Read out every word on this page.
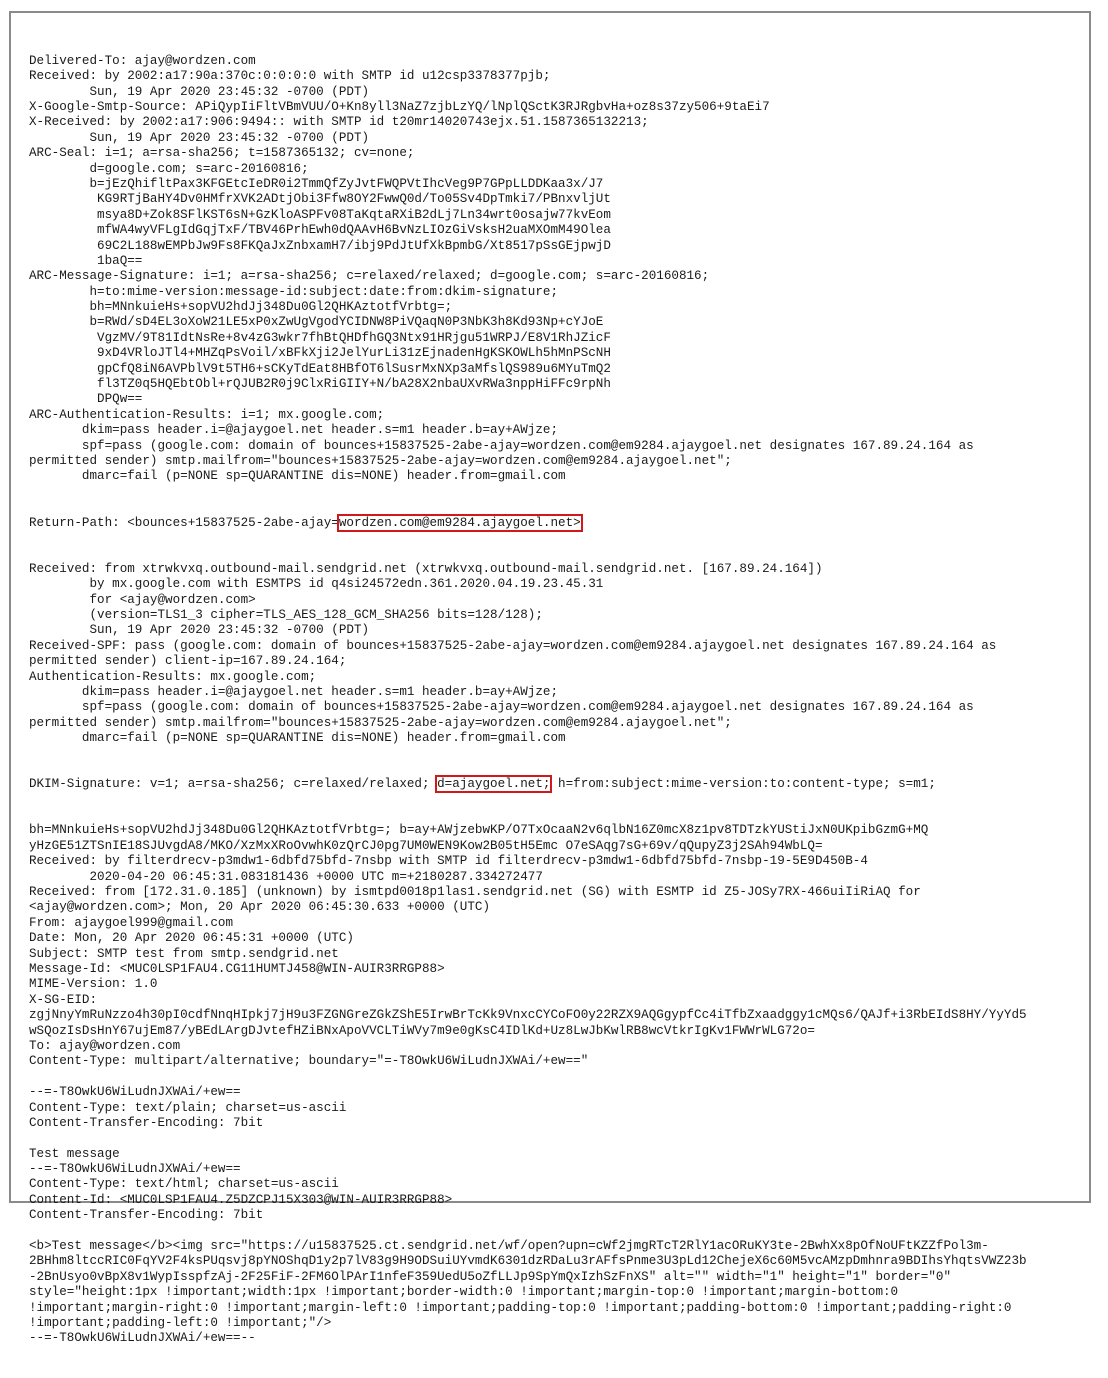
Delivered-To: ajay@wordzen.com
Received: by 2002:a17:90a:370c:0:0:0:0 with SMTP id u12csp3378377pjb;
Sun, 19 Apr 2020 23:45:32 -0700 (PDT)
X-Google-Smtp-Source: APiQypIiFltVBmVUU/O+Kn8yll3NaZ7zjbLzYQ/lNplQSctK3RJRgbvHa+oz8s37zy506+9taEi7
X-Received: by 2002:a17:906:9494:: with SMTP id t20mr14020743ejx.51.1587365132213;
Sun, 19 Apr 2020 23:45:32 -0700 (PDT)
ARC-Seal: i=1; a=rsa-sha256; t=1587365132; cv=none;
d=google.com; s=arc-20160816;
b=jEzQhifltPax3KFGEtcIeDR0i2TmmQfZyJvtFWQPVtIhcVeg9P7GPpLLDDKaa3x/J7
KG9RTjBaHY4Dv0HMfrXVK2ADtjObi3Ffw8OY2FwwQ0d/To05Sv4DpTmki7/PBnxvljUt
msya8D+Zok8SFlKST6sN+GzKloASPFv08TaKqtaRXiB2dLj7Ln34wrt0osajw77kvEom
mfWA4wyVFLgIdGqjTxF/TBV46PrhEwh0dQAAvH6BvNzLIOzGiVsksH2uaMXOmM49Olea
69C2L188wEMPbJw9Fs8FKQaJxZnbxamH7/ibj9PdJtUfXkBpmbG/Xt8517pSsGEjpwjD
1baQ==
ARC-Message-Signature: i=1; a=rsa-sha256; c=relaxed/relaxed; d=google.com; s=arc-20160816;
h=to:mime-version:message-id:subject:date:from:dkim-signature;
bh=MNnkuieHs+sopVU2hdJj348Du0Gl2QHKAztotfVrbtg=;
b=RWd/sD4EL3oXoW21LE5xP0xZwUgVgodYCIDNW8PiVQaqN0P3NbK3h8Kd93Np+cYJoE
VgzMV/9T81IdtNsRe+8v4zG3wkr7fhBtQHDfhGQ3Ntx91HRjgu51WRPJ/E8V1RhJZicF
9xD4VRloJTl4+MHZqPsVoil/xBFkXji2JelYurLi31zEjnadenHgKSKOWLh5hMnPScNH
gpCfQ8iN6AVPblV9t5TH6+sCKyTdEat8HBfOT6lSusrMxNXp3aMfslQS989u6MYuTmQ2
fl3TZ0q5HQEbtObl+rQJUB2R0j9ClxRiGIIY+N/bA28X2nbaUXvRWa3nppHiFFc9rpNh
DPQw==
ARC-Authentication-Results: i=1; mx.google.com;
dkim=pass header.i=@ajaygoel.net header.s=m1 header.b=ay+AWjze;
spf=pass (google.com: domain of bounces+15837525-2abe-ajay=wordzen.com@em9284.ajaygoel.net designates 167.89.24.164 as
permitted sender) smtp.mailfrom="bounces+15837525-2abe-ajay=wordzen.com@em9284.ajaygoel.net";
dmarc=fail (p=NONE sp=QUARANTINE dis=NONE) header.from=gmail.com

Return-Path: <bounces+15837525-2abe-ajay=wordzen.com@em9284.ajaygoel.net>

Received: from xtrwkvxq.outbound-mail.sendgrid.net (xtrwkvxq.outbound-mail.sendgrid.net. [167.89.24.164])
by mx.google.com with ESMTPS id q4si24572edn.361.2020.04.19.23.45.31
for <ajay@wordzen.com>
(version=TLS1_3 cipher=TLS_AES_128_GCM_SHA256 bits=128/128);
Sun, 19 Apr 2020 23:45:32 -0700 (PDT)
Received-SPF: pass (google.com: domain of bounces+15837525-2abe-ajay=wordzen.com@em9284.ajaygoel.net designates 167.89.24.164 as
permitted sender) client-ip=167.89.24.164;
Authentication-Results: mx.google.com;
dkim=pass header.i=@ajaygoel.net header.s=m1 header.b=ay+AWjze;
spf=pass (google.com: domain of bounces+15837525-2abe-ajay=wordzen.com@em9284.ajaygoel.net designates 167.89.24.164 as
permitted sender) smtp.mailfrom="bounces+15837525-2abe-ajay=wordzen.com@em9284.ajaygoel.net";
dmarc=fail (p=NONE sp=QUARANTINE dis=NONE) header.from=gmail.com

DKIM-Signature: v=1; a=rsa-sha256; c=relaxed/relaxed; d=ajaygoel.net; h=from:subject:mime-version:to:content-type; s=m1;

bh=MNnkuieHs+sopVU2hdJj348Du0Gl2QHKAztotfVrbtg=; b=ay+AWjzebwKP/O7TxOcaaN2v6qlbN16Z0mcX8z1pv8TDTzkYUStiJxN0UKpibGzmG+MQ
yHzGE51ZTSnIE18SJUvgdA8/MKO/XzMxXRoOvwhK0zQrCJ0pg7UM0WEN9Kow2B05tH5Emc O7eSAqg7sG+69v/qQupyZ3j2SAh94WbLQ=
Received: by filterdrecv-p3mdw1-6dbfd75bfd-7nsbp with SMTP id filterdrecv-p3mdw1-6dbfd75bfd-7nsbp-19-5E9D450B-4
2020-04-20 06:45:31.083181436 +0000 UTC m=+2180287.334272477
Received: from [172.31.0.185] (unknown) by ismtpd0018p1las1.sendgrid.net (SG) with ESMTP id Z5-JOSy7RX-466uiIiRiAQ for
<ajay@wordzen.com>; Mon, 20 Apr 2020 06:45:30.633 +0000 (UTC)
From: ajaygoel999@gmail.com
Date: Mon, 20 Apr 2020 06:45:31 +0000 (UTC)
Subject: SMTP test from smtp.sendgrid.net
Message-Id: <MUC0LSP1FAU4.CG11HUMTJ458@WIN-AUIR3RRGP88>
MIME-Version: 1.0
X-SG-EID:
zgjNnyYmRuNzzo4h30pI0cdfNnqHIpkj7jH9u3FZGNGreZGkZShE5IrwBrTcKk9VnxcCYCoFO0y22RZX9AQGgypfCc4iTfbZxaadggy1cMQs6/QAJf+i3RbEIdS8HY/YyYd5
wSQozIsDsHnY67ujEm87/yBEdLArgDJvtefHZiBNxApoVVCLTiWVy7m9e0gKsC4IDlKd+Uz8LwJbKwlRB8wcVtkrIgKv1FWWrWLG72o=
To: ajay@wordzen.com
Content-Type: multipart/alternative; boundary="=-T8OwkU6WiLudnJXWAi/+ew=="
--=-T8OwkU6WiLudnJXWAi/+ew==
Content-Type: text/plain; charset=us-ascii
Content-Transfer-Encoding: 7bit
Test message
--=-T8OwkU6WiLudnJXWAi/+ew==
Content-Type: text/html; charset=us-ascii
Content-Id: <MUC0LSP1FAU4.Z5DZCPJ15X303@WIN-AUIR3RRGP88>
Content-Transfer-Encoding: 7bit
<b>Test message</b><img src="https://u15837525.ct.sendgrid.net/wf/open?upn=cWf2jmgRTcT2RlY1acORuKY3te-2BwhXx8pOfNoUFtKZZfPol3m-
2BHhm8ltccRIC0FqYV2F4ksPUqsvj8pYNOShqD1y2p7lV83g9H9ODSuiUYvmdK6301dzRDaLu3rAFfsPnme3U3pLd12ChejeX6c60M5vcAMzpDmhnra9BDIhsYhqtsVWZ23b
-2BnUsyo0vBpX8v1WypIsspfzAj-2F25FiF-2FM6OlPArI1nfeF359UedU5oZfLLJp9SpYmQxIzhSzFnXS" alt="" width="1" height="1" border="0"
style="height:1px !important;width:1px !important;border-width:0 !important;margin-top:0 !important;margin-bottom:0
!important;margin-right:0 !important;margin-left:0 !important;padding-top:0 !important;padding-bottom:0 !important;padding-right:0
!important;padding-left:0 !important;"/>
--=-T8OwkU6WiLudnJXWAi/+ew==--
